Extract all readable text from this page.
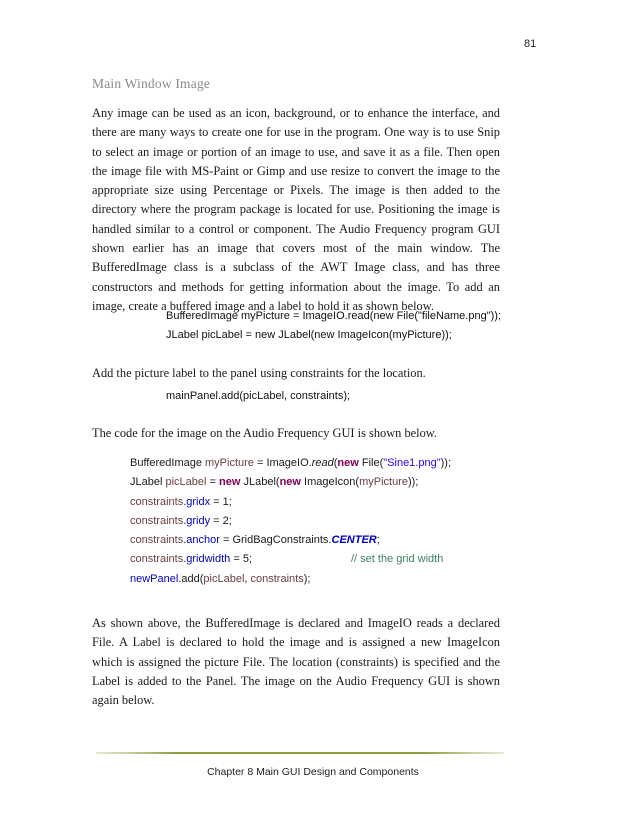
81
Main Window Image

Any image can be used as an icon, background, or to enhance the interface, and there are many ways to create one for use in the program. One way is to use Snip to select an image or portion of an image to use, and save it as a file. Then open the image file with MS-Paint or Gimp and use resize to convert the image to the appropriate size using Percentage or Pixels. The image is then added to the directory where the program package is located for use. Positioning the image is handled similar to a control or component. The Audio Frequency program GUI shown earlier has an image that covers most of the main window. The BufferedImage class is a subclass of the AWT Image class, and has three constructors and methods for getting information about the image. To add an image, create a buffered image and a label to hold it as shown below.

BufferedImage myPicture = ImageIO.read(new File("fileName.png"));
JLabel picLabel = new JLabel(new ImageIcon(myPicture));

Add the picture label to the panel using constraints for the location.

mainPanel.add(picLabel, constraints);

The code for the image on the Audio Frequency GUI is shown below.

BufferedImage myPicture = ImageIO.read(new File("Sine1.png"));
JLabel picLabel = new JLabel(new ImageIcon(myPicture));
constraints.gridx = 1;
constraints.gridy = 2;
constraints.anchor = GridBagConstraints.CENTER;
constraints.gridwidth = 5;	// set the grid width
newPanel.add(picLabel, constraints);

As shown above, the BufferedImage is declared and ImageIO reads a declared File. A Label is declared to hold the image and is assigned a new ImageIcon which is assigned the picture File. The location (constraints) is specified and the Label is added to the Panel. The image on the Audio Frequency GUI is shown again below.

Chapter 8 Main GUI Design and Components
